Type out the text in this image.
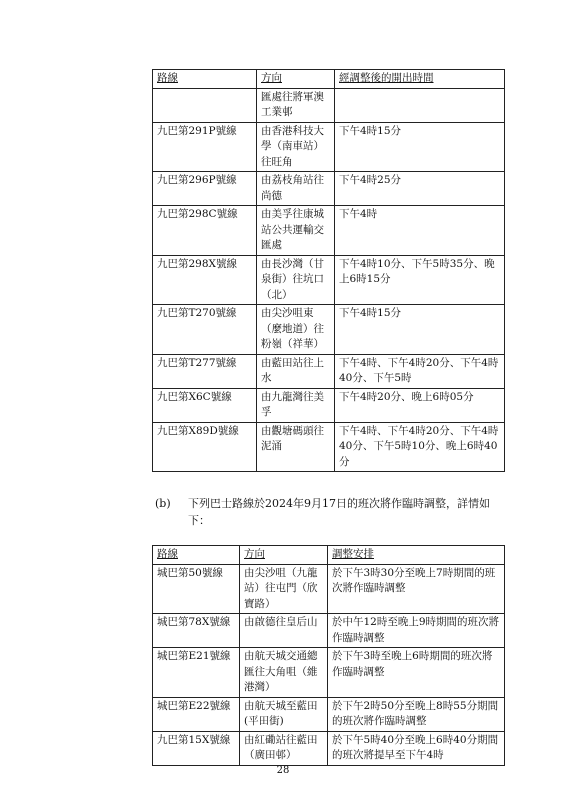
路線	方向	經調整後的開出時間
	匯處往將軍澳工業邨	
九巴第291P號線	由香港科技大學（南車站）往旺角	下午4時15分
九巴第296P號線	由荔枝角站往尚德	下午4時25分
九巴第298C號線	由美孚往康城站公共運輸交匯處	下午4時
九巴第298X號線	由長沙灣（甘泉街）往坑口（北）	下午4時10分、下午5時35分、晚上6時15分
九巴第T270號線	由尖沙咀東（麼地道）往粉嶺（祥華）	下午4時15分
九巴第T277號線	由藍田站往上水	下午4時、下午4時20分、下午4時40分、下午5時
九巴第X6C號線	由九龍灣往美孚	下午4時20分、晚上6時05分
九巴第X89D號線	由觀塘碼頭往泥涌	下午4時、下午4時20分、下午4時40分、下午5時10分、晚上6時40分
(b) 下列巴士路線於2024年9月17日的班次將作臨時調整，詳情如下：
路線	方向	調整安排
城巴第50號線	由尖沙咀（九龍站）往屯門（欣寶路）	於下午3時30分至晚上7時期間的班次將作臨時調整
城巴第78X號線	由啟德往皇后山	於中午12時至晚上9時期間的班次將作臨時調整
城巴第E21號線	由航天城交通總匯往大角咀（維港灣）	於下午3時至晚上6時期間的班次將作臨時調整
城巴第E22號線	由航天城至藍田(平田街)	於下午2時50分至晚上8時55分期間的班次將作臨時調整
九巴第15X號線	由紅磡站往藍田（廣田邨）	於下午5時40分至晚上6時40分期間的班次將提早至下午4時
28
